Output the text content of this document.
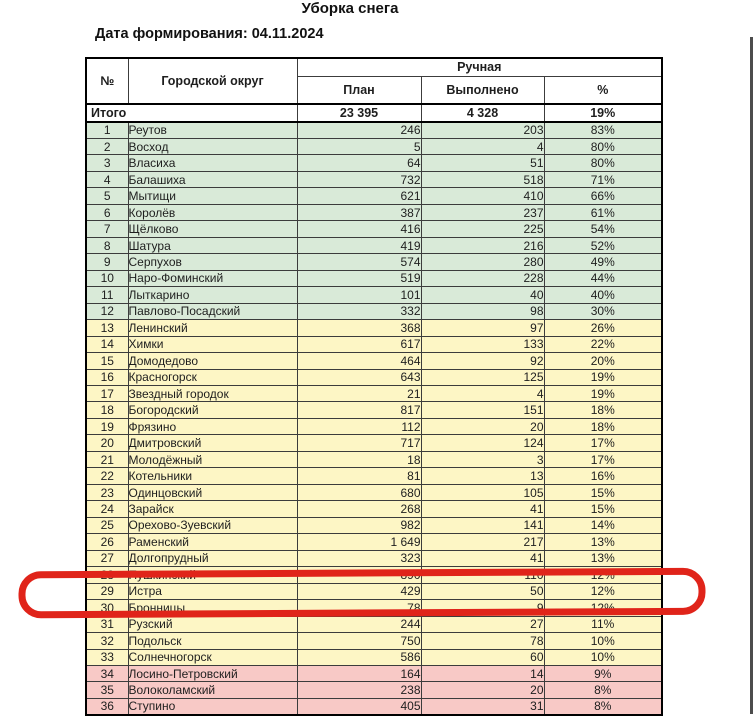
Уборка снега
Дата формирования: 04.11.2024
№	Городской округ	Ручная		
		План	Выполнено	%
Итого		23 395	4 328	19%
1	Реутов	246	203	83%
2	Восход	5	4	80%
3	Власиха	64	51	80%
4	Балашиха	732	518	71%
5	Мытищи	621	410	66%
6	Королёв	387	237	61%
7	Щёлково	416	225	54%
8	Шатура	419	216	52%
9	Серпухов	574	280	49%
10	Наро-Фоминский	519	228	44%
11	Лыткарино	101	40	40%
12	Павлово-Посадский	332	98	30%
13	Ленинский	368	97	26%
14	Химки	617	133	22%
15	Домодедово	464	92	20%
16	Красногорск	643	125	19%
17	Звездный городок	21	4	19%
18	Богородский	817	151	18%
19	Фрязино	112	20	18%
20	Дмитровский	717	124	17%
21	Молодёжный	18	3	17%
22	Котельники	81	13	16%
23	Одинцовский	680	105	15%
24	Зарайск	268	41	15%
25	Орехово-Зуевский	982	141	14%
26	Раменский	1 649	217	13%
27	Долгопрудный	323	41	13%
28	Пушкинский	890	110	12%
29	Истра	429	50	12%
30	Бронницы	78	9	12%
31	Рузский	244	27	11%
32	Подольск	750	78	10%
33	Солнечногорск	586	60	10%
34	Лосино-Петровский	164	14	9%
35	Волоколамский	238	20	8%
36	Ступино	405	31	8%
